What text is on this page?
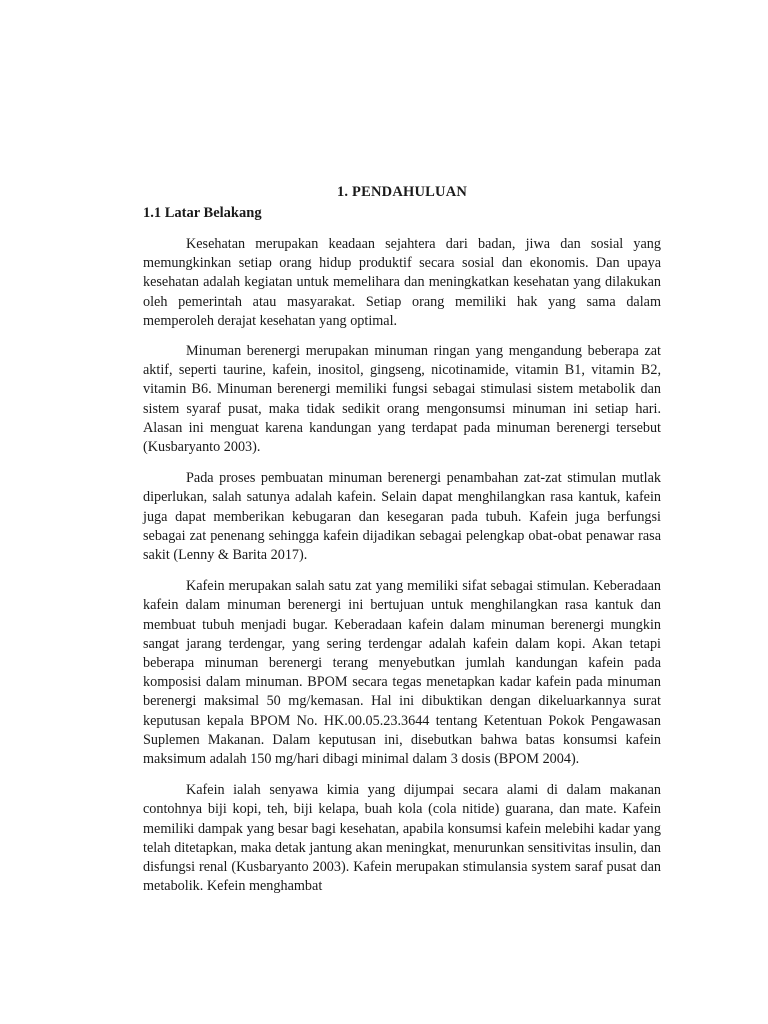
1. PENDAHULUAN
1.1 Latar Belakang

Kesehatan merupakan keadaan sejahtera dari badan, jiwa dan sosial yang memungkinkan setiap orang hidup produktif secara sosial dan ekonomis. Dan upaya kesehatan adalah kegiatan untuk memelihara dan meningkatkan kesehatan yang dilakukan oleh pemerintah atau masyarakat. Setiap orang memiliki hak yang sama dalam memperoleh derajat kesehatan yang optimal.

Minuman berenergi merupakan minuman ringan yang mengandung beberapa zat aktif, seperti taurine, kafein, inositol, gingseng, nicotinamide, vitamin B1, vitamin B2, vitamin B6. Minuman berenergi memiliki fungsi sebagai stimulasi sistem metabolik dan sistem syaraf pusat, maka tidak sedikit orang mengonsumsi minuman ini setiap hari. Alasan ini menguat karena kandungan yang terdapat pada minuman berenergi tersebut (Kusbaryanto 2003).

Pada proses pembuatan minuman berenergi penambahan zat-zat stimulan mutlak diperlukan, salah satunya adalah kafein. Selain dapat menghilangkan rasa kantuk, kafein juga dapat memberikan kebugaran dan kesegaran pada tubuh. Kafein juga berfungsi sebagai zat penenang sehingga kafein dijadikan sebagai pelengkap obat-obat penawar rasa sakit (Lenny & Barita 2017).

Kafein merupakan salah satu zat yang memiliki sifat sebagai stimulan. Keberadaan kafein dalam minuman berenergi ini bertujuan untuk menghilangkan rasa kantuk dan membuat tubuh menjadi bugar. Keberadaan kafein dalam minuman berenergi mungkin sangat jarang terdengar, yang sering terdengar adalah kafein dalam kopi. Akan tetapi beberapa minuman berenergi terang menyebutkan jumlah kandungan kafein pada komposisi dalam minuman. BPOM secara tegas menetapkan kadar kafein pada minuman berenergi maksimal 50 mg/kemasan. Hal ini dibuktikan dengan dikeluarkannya surat keputusan kepala BPOM No. HK.00.05.23.3644 tentang Ketentuan Pokok Pengawasan Suplemen Makanan. Dalam keputusan ini, disebutkan bahwa batas konsumsi kafein maksimum adalah 150 mg/hari dibagi minimal dalam 3 dosis (BPOM 2004).

Kafein ialah senyawa kimia yang dijumpai secara alami di dalam makanan contohnya biji kopi, teh, biji kelapa, buah kola (cola nitide) guarana, dan mate. Kafein memiliki dampak yang besar bagi kesehatan, apabila konsumsi kafein melebihi kadar yang telah ditetapkan, maka detak jantung akan meningkat, menurunkan sensitivitas insulin, dan disfungsi renal (Kusbaryanto 2003). Kafein merupakan stimulansia system saraf pusat dan metabolik. Kefein menghambat
